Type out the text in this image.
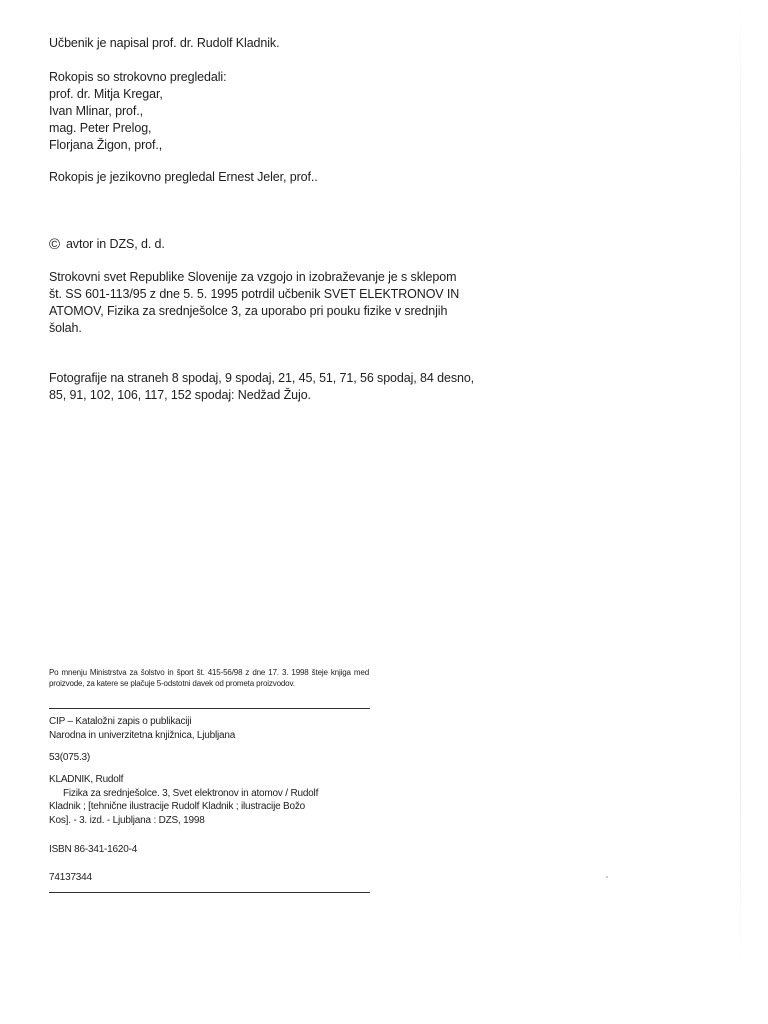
Učbenik je napisal prof. dr. Rudolf Kladnik.

Rokopis so strokovno pregledali:
prof. dr. Mitja Kregar,
Ivan Mlinar, prof.,
mag. Peter Prelog,
Florjana Žigon, prof.,

Rokopis je jezikovno pregledal Ernest Jeler, prof..

© avtor in DZS, d. d.

Strokovni svet Republike Slovenije za vzgojo in izobraževanje je s sklepom
št. SS 601-113/95 z dne 5. 5. 1995 potrdil učbenik SVET ELEKTRONOV IN
ATOMOV, Fizika za srednješolce 3, za uporabo pri pouku fizike v srednjih
šolah.
Fotografije na straneh 8 spodaj, 9 spodaj, 21, 45, 51, 71, 56 spodaj, 84 desno,
85, 91, 102, 106, 117, 152 spodaj: Nedžad Žujo.

Po mnenju Ministrstva za šolstvo in šport št. 415-56/98 z dne 17. 3. 1998 šteje knjiga med proizvode, za katere se plačuje 5-odstotni davek od prometa proizvodov.

CIP – Kataložni zapis o publikaciji
Narodna in univerzitetna knjižnica, Ljubljana
53(075.3)
KLADNIK, Rudolf
Fizika za srednješolce. 3, Svet elektronov in atomov / Rudolf
Kladnik ; [tehnične ilustracije Rudolf Kladnik ; ilustracije Božo
Kos]. - 3. izd. - Ljubljana : DZS, 1998
ISBN 86-341-1620-4
74137344
